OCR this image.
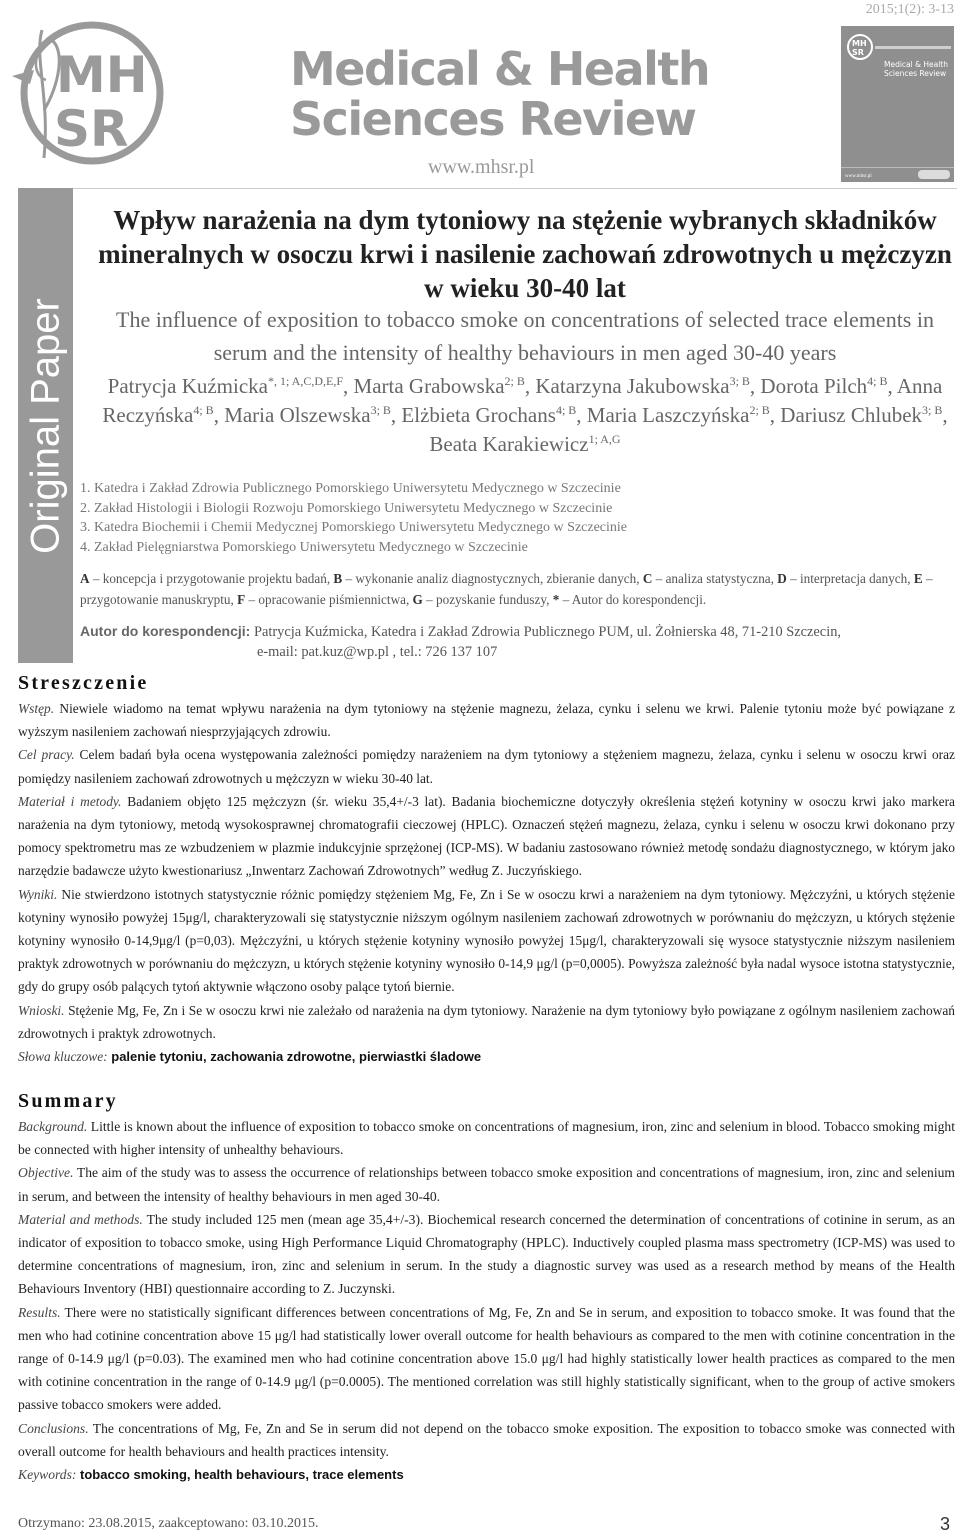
MH
SR
Medical & Health
Sciences Review
www.mhsr.pl
2015;1(2): 3-13
MH
SR
Medical & Health
Sciences Review
www.mhsr.pl
Original Paper
Wpływ narażenia na dym tytoniowy na stężenie wybranych składników mineralnych w osoczu krwi i nasilenie zachowań zdrowotnych u mężczyzn w wieku 30-40 lat
The influence of exposition to tobacco smoke on concentrations of selected trace elements in serum and the intensity of healthy behaviours in men aged 30-40 years
Patrycja Kuźmicka$^{*, 1; A,C,D,E,F}$, Marta Grabowska$^{2; B}$, Katarzyna Jakubowska$^{3; B}$, Dorota Pilch$^{4; B}$, Anna Reczyńska$^{4; B}$, Maria Olszewska$^{3; B}$, Elżbieta Grochans$^{4; B}$, Maria Laszczyńska$^{2; B}$, Dariusz Chlubek$^{3; B}$, Beata Karakiewicz$^{1; A,G}$
1. Katedra i Zakład Zdrowia Publicznego Pomorskiego Uniwersytetu Medycznego w Szczecinie
2. Zakład Histologii i Biologii Rozwoju Pomorskiego Uniwersytetu Medycznego w Szczecinie
3. Katedra Biochemii i Chemii Medycznej Pomorskiego Uniwersytetu Medycznego w Szczecinie
4. Zakład Pielęgniarstwa Pomorskiego Uniwersytetu Medycznego w Szczecinie
A – koncepcja i przygotowanie projektu badań, B – wykonanie analiz diagnostycznych, zbieranie danych, C – analiza statystyczna, D – interpretacja danych, E – przygotowanie manuskryptu, F – opracowanie piśmiennictwa, G – pozyskanie funduszy, * – Autor do korespondencji.
Autor do korespondencji: Patrycja Kuźmicka, Katedra i Zakład Zdrowia Publicznego PUM, ul. Żołnierska 48, 71-210 Szczecin,
e-mail: pat.kuz@wp.pl , tel.: 726 137 107
Streszczenie

Wstęp. Niewiele wiadomo na temat wpływu narażenia na dym tytoniowy na stężenie magnezu, żelaza, cynku i selenu we krwi. Palenie tytoniu może być powiązane z wyższym nasileniem zachowań niesprzyjających zdrowiu.

Cel pracy. Celem badań była ocena występowania zależności pomiędzy narażeniem na dym tytoniowy a stężeniem magnezu, żelaza, cynku i selenu w osoczu krwi oraz pomiędzy nasileniem zachowań zdrowotnych u mężczyzn w wieku 30-40 lat.

Materiał i metody. Badaniem objęto 125 mężczyzn (śr. wieku 35,4+/-3 lat). Badania biochemiczne dotyczyły określenia stężeń kotyniny w osoczu krwi jako markera narażenia na dym tytoniowy, metodą wysokosprawnej chromatografii cieczowej (HPLC). Oznaczeń stężeń magnezu, żelaza, cynku i selenu w osoczu krwi dokonano przy pomocy spektrometru mas ze wzbudzeniem w plazmie indukcyjnie sprzężonej (ICP-MS). W badaniu zastosowano również metodę sondażu diagnostycznego, w którym jako narzędzie badawcze użyto kwestionariusz „Inwentarz Zachowań Zdrowotnych” według Z. Juczyńskiego.

Wyniki. Nie stwierdzono istotnych statystycznie różnic pomiędzy stężeniem Mg, Fe, Zn i Se w osoczu krwi a narażeniem na dym tytoniowy. Mężczyźni, u których stężenie kotyniny wynosiło powyżej 15μg/l, charakteryzowali się statystycznie niższym ogólnym nasileniem zachowań zdrowotnych w porównaniu do mężczyzn, u których stężenie kotyniny wynosiło 0-14,9μg/l (p=0,03). Mężczyźni, u których stężenie kotyniny wynosiło powyżej 15μg/l, charakteryzowali się wysoce statystycznie niższym nasileniem praktyk zdrowotnych w porównaniu do mężczyzn, u których stężenie kotyniny wynosiło 0-14,9 μg/l (p=0,0005). Powyższa zależność była nadal wysoce istotna statystycznie, gdy do grupy osób palących tytoń aktywnie włączono osoby palące tytoń biernie.

Wnioski. Stężenie Mg, Fe, Zn i Se w osoczu krwi nie zależało od narażenia na dym tytoniowy. Narażenie na dym tytoniowy było powiązane z ogólnym nasileniem zachowań zdrowotnych i praktyk zdrowotnych.

Słowa kluczowe: palenie tytoniu, zachowania zdrowotne, pierwiastki śladowe

Summary

Background. Little is known about the influence of exposition to tobacco smoke on concentrations of magnesium, iron, zinc and selenium in blood. Tobacco smoking might be connected with higher intensity of unhealthy behaviours.

Objective. The aim of the study was to assess the occurrence of relationships between tobacco smoke exposition and concentrations of magnesium, iron, zinc and selenium in serum, and between the intensity of healthy behaviours in men aged 30-40.

Material and methods. The study included 125 men (mean age 35,4+/-3). Biochemical research concerned the determination of concentrations of cotinine in serum, as an indicator of exposition to tobacco smoke, using High Performance Liquid Chromatography (HPLC). Inductively coupled plasma mass spectrometry (ICP-MS) was used to determine concentrations of magnesium, iron, zinc and selenium in serum. In the study a diagnostic survey was used as a research method by means of the Health Behaviours Inventory (HBI) questionnaire according to Z. Juczynski.

Results. There were no statistically significant differences between concentrations of Mg, Fe, Zn and Se in serum, and exposition to tobacco smoke. It was found that the men who had cotinine concentration above 15 μg/l had statistically lower overall outcome for health behaviours as compared to the men with cotinine concentration in the range of 0-14.9 μg/l (p=0.03). The examined men who had cotinine concentration above 15.0 μg/l had highly statistically lower health practices as compared to the men with cotinine concentration in the range of 0-14.9 μg/l (p=0.0005). The mentioned correlation was still highly statistically significant, when to the group of active smokers passive tobacco smokers were added.

Conclusions. The concentrations of Mg, Fe, Zn and Se in serum did not depend on the tobacco smoke exposition. The exposition to tobacco smoke was connected with overall outcome for health behaviours and health practices intensity.

Keywords: tobacco smoking, health behaviours, trace elements

Otrzymano: 23.08.2015, zaakceptowano: 03.10.2015.	3
